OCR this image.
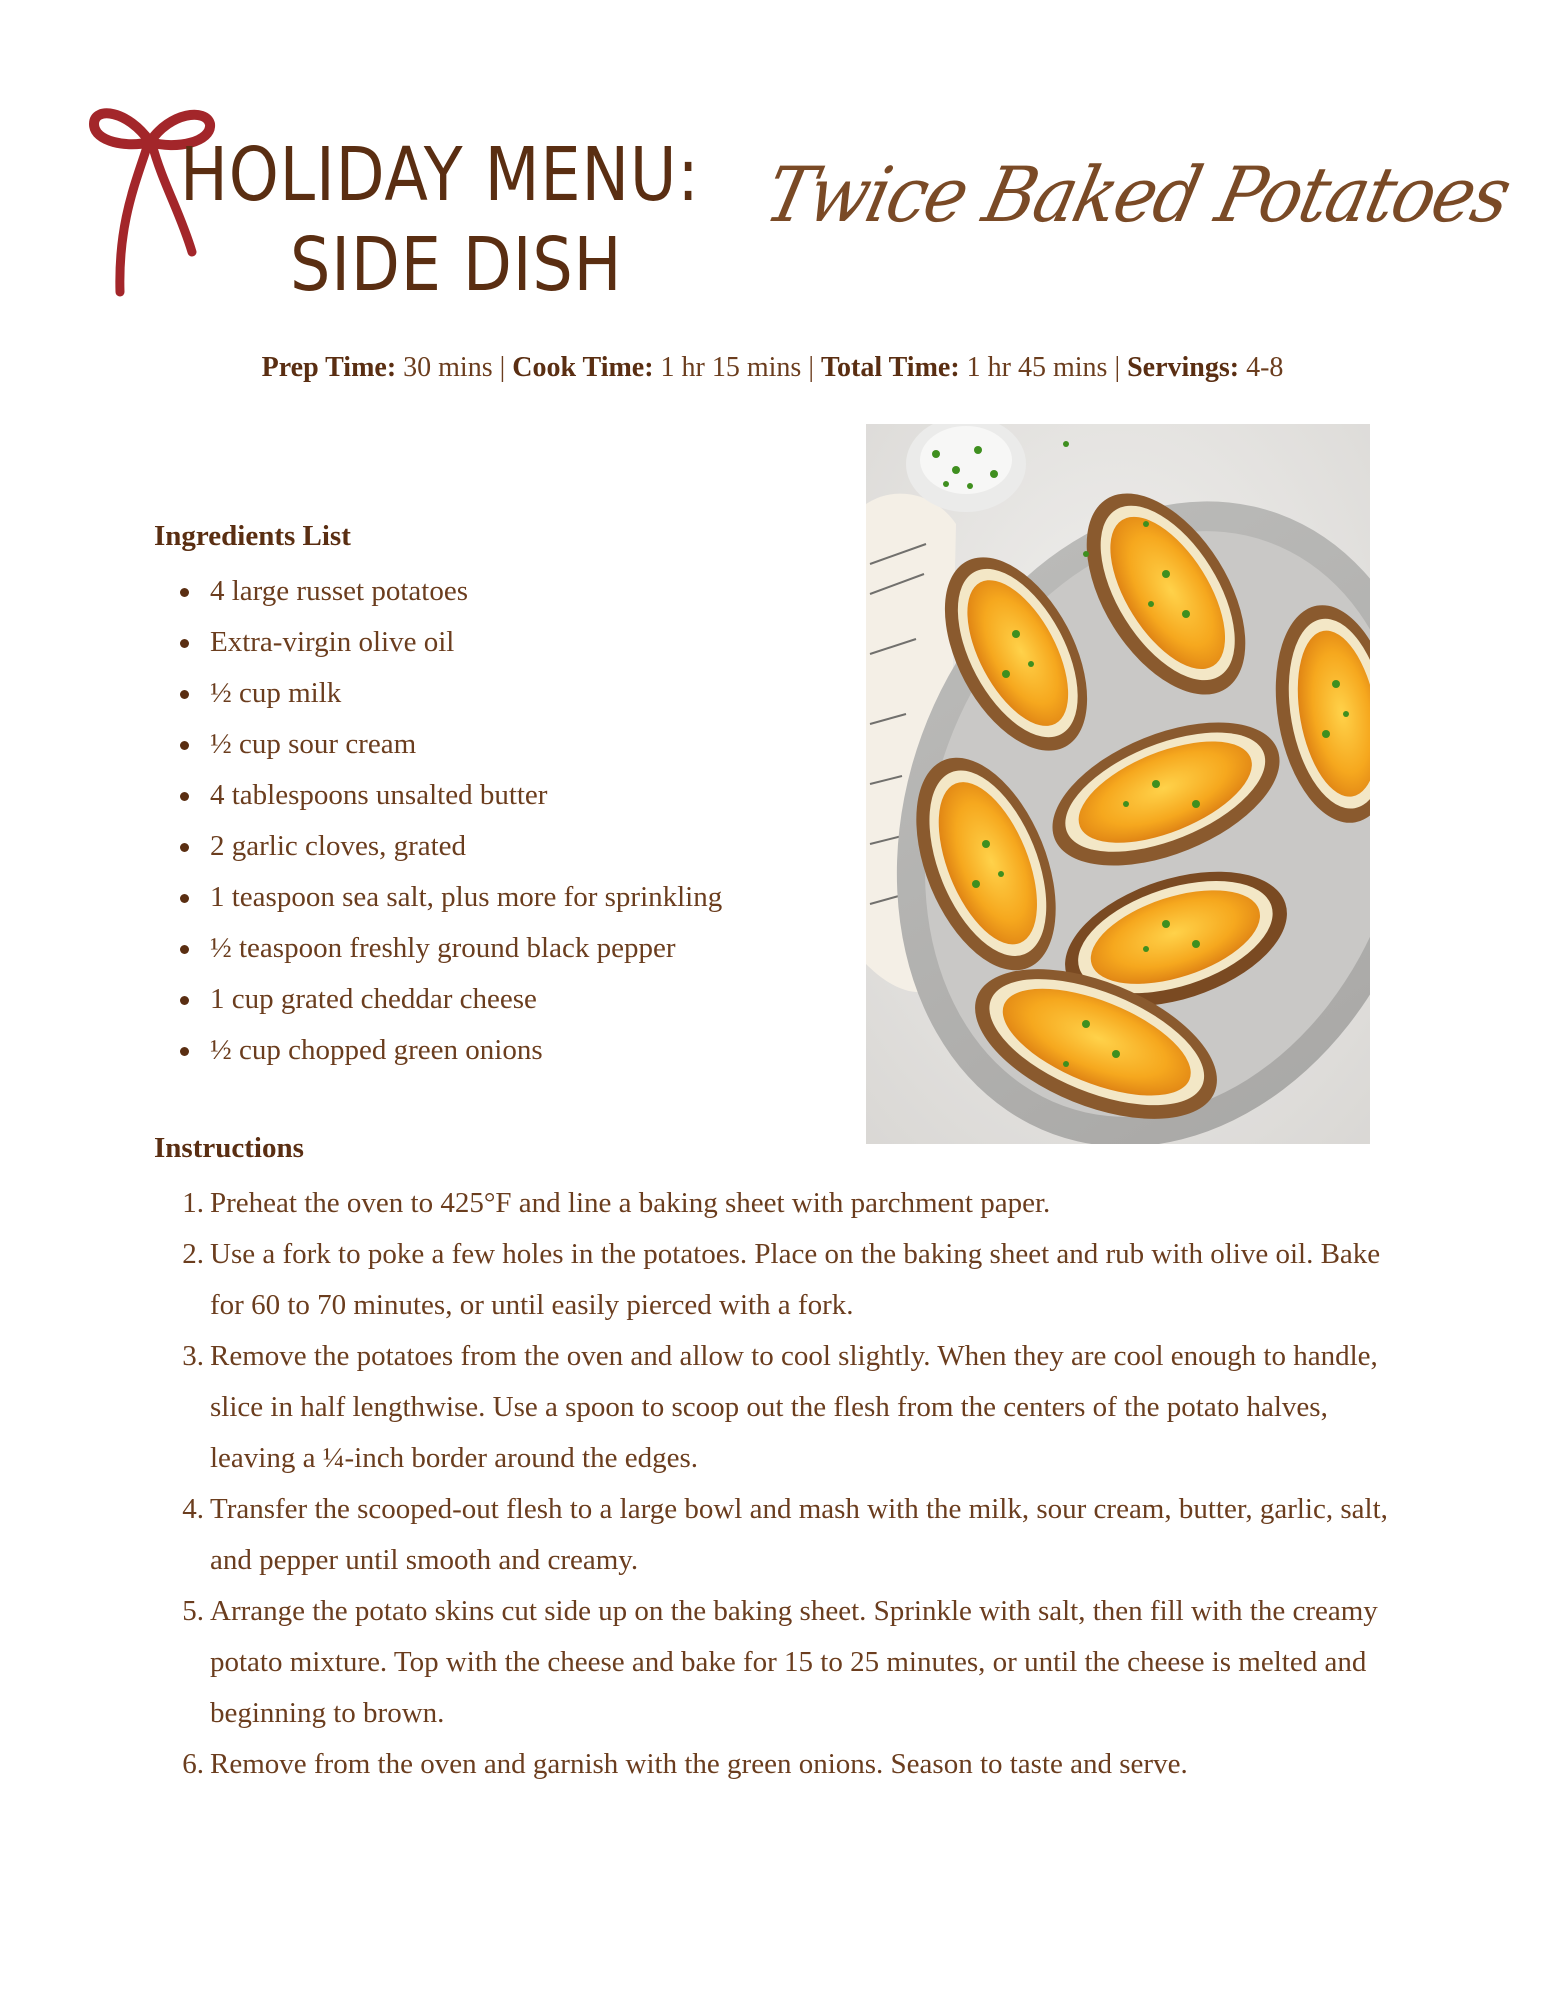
HOLIDAY MENU:
SIDE DISH
Twice Baked Potatoes
Prep Time: 30 mins | Cook Time: 1 hr 15 mins | Total Time: 1 hr 45 mins | Servings: 4-8
Ingredients List
4 large russet potatoes
Extra-virgin olive oil
½ cup milk
½ cup sour cream
4 tablespoons unsalted butter
2 garlic cloves, grated
1 teaspoon sea salt, plus more for sprinkling
½ teaspoon freshly ground black pepper
1 cup grated cheddar cheese
½ cup chopped green onions
Instructions
1. Preheat the oven to 425°F and line a baking sheet with parchment paper.
2. Use a fork to poke a few holes in the potatoes. Place on the baking sheet and rub with olive oil. Bake for 60 to 70 minutes, or until easily pierced with a fork.
3. Remove the potatoes from the oven and allow to cool slightly. When they are cool enough to handle, slice in half lengthwise. Use a spoon to scoop out the flesh from the centers of the potato halves, leaving a ¼-inch border around the edges.
4. Transfer the scooped-out flesh to a large bowl and mash with the milk, sour cream, butter, garlic, salt, and pepper until smooth and creamy.
5. Arrange the potato skins cut side up on the baking sheet. Sprinkle with salt, then fill with the creamy potato mixture. Top with the cheese and bake for 15 to 25 minutes, or until the cheese is melted and beginning to brown.
6. Remove from the oven and garnish with the green onions. Season to taste and serve.
